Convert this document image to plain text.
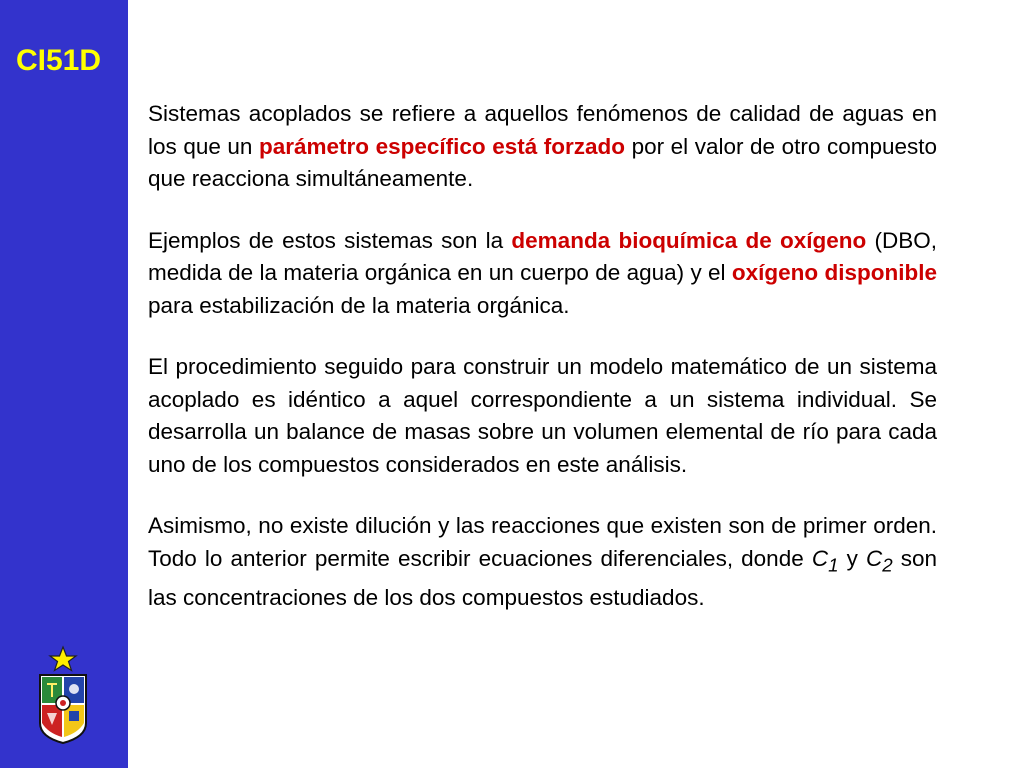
CI51D

Sistemas acoplados se refiere a aquellos fenómenos de calidad de aguas en los que un parámetro específico está forzado por el valor de otro compuesto que reacciona simultáneamente.

Ejemplos de estos sistemas son la demanda bioquímica de oxígeno (DBO, medida de la materia orgánica en un cuerpo de agua) y el oxígeno disponible para estabilización de la materia orgánica.

El procedimiento seguido para construir un modelo matemático de un sistema acoplado es idéntico a aquel correspondiente a un sistema individual. Se desarrolla un balance de masas sobre un volumen elemental de río para cada uno de los compuestos considerados en este análisis.

Asimismo, no existe dilución y las reacciones que existen son de primer orden. Todo lo anterior permite escribir ecuaciones diferenciales, donde $C_1$ y $C_2$ son las concentraciones de los dos compuestos estudiados.
